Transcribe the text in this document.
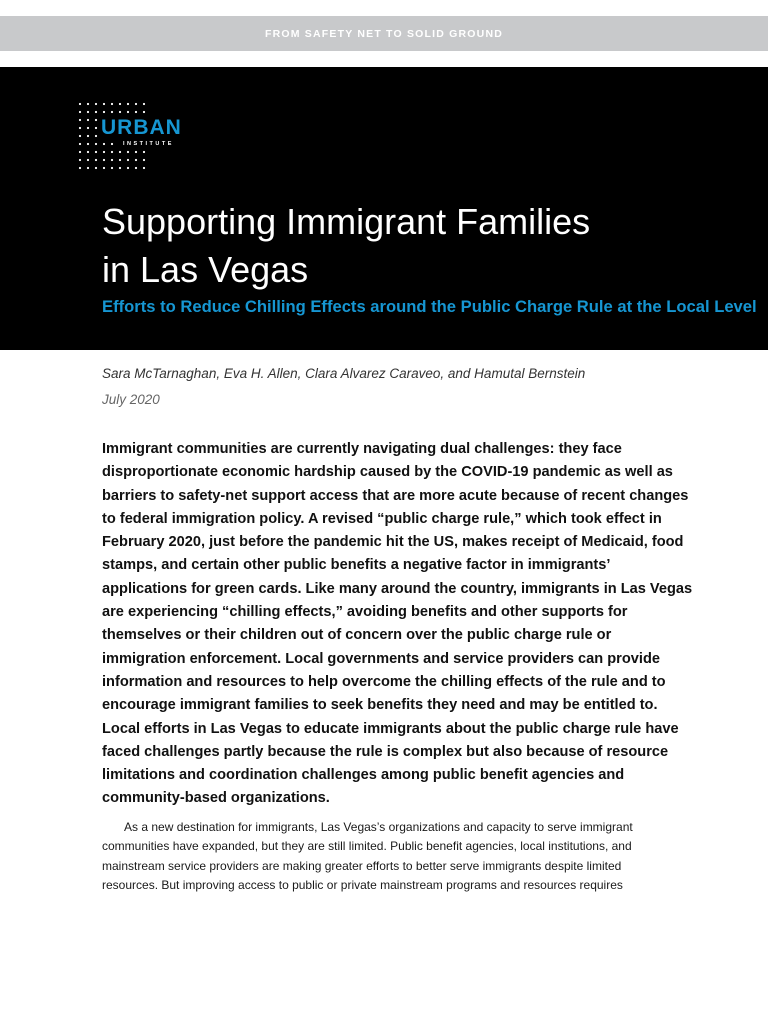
FROM SAFETY NET TO SOLID GROUND
URBAN
INSTITUTE
Supporting Immigrant Families
in Las Vegas
Efforts to Reduce Chilling Effects around the Public Charge Rule at the Local Level
Sara McTarnaghan, Eva H. Allen, Clara Alvarez Caraveo, and Hamutal Bernstein
July 2020
Immigrant communities are currently navigating dual challenges: they face
disproportionate economic hardship caused by the COVID-19 pandemic as well as
barriers to safety-net support access that are more acute because of recent changes
to federal immigration policy. A revised “public charge rule,” which took effect in
February 2020, just before the pandemic hit the US, makes receipt of Medicaid, food
stamps, and certain other public benefits a negative factor in immigrants’
applications for green cards. Like many around the country, immigrants in Las Vegas
are experiencing “chilling effects,” avoiding benefits and other supports for
themselves or their children out of concern over the public charge rule or
immigration enforcement. Local governments and service providers can provide
information and resources to help overcome the chilling effects of the rule and to
encourage immigrant families to seek benefits they need and may be entitled to.
Local efforts in Las Vegas to educate immigrants about the public charge rule have
faced challenges partly because the rule is complex but also because of resource
limitations and coordination challenges among public benefit agencies and
community-based organizations.
As a new destination for immigrants, Las Vegas’s organizations and capacity to serve immigrant
communities have expanded, but they are still limited. Public benefit agencies, local institutions, and
mainstream service providers are making greater efforts to better serve immigrants despite limited
resources. But improving access to public or private mainstream programs and resources requires
